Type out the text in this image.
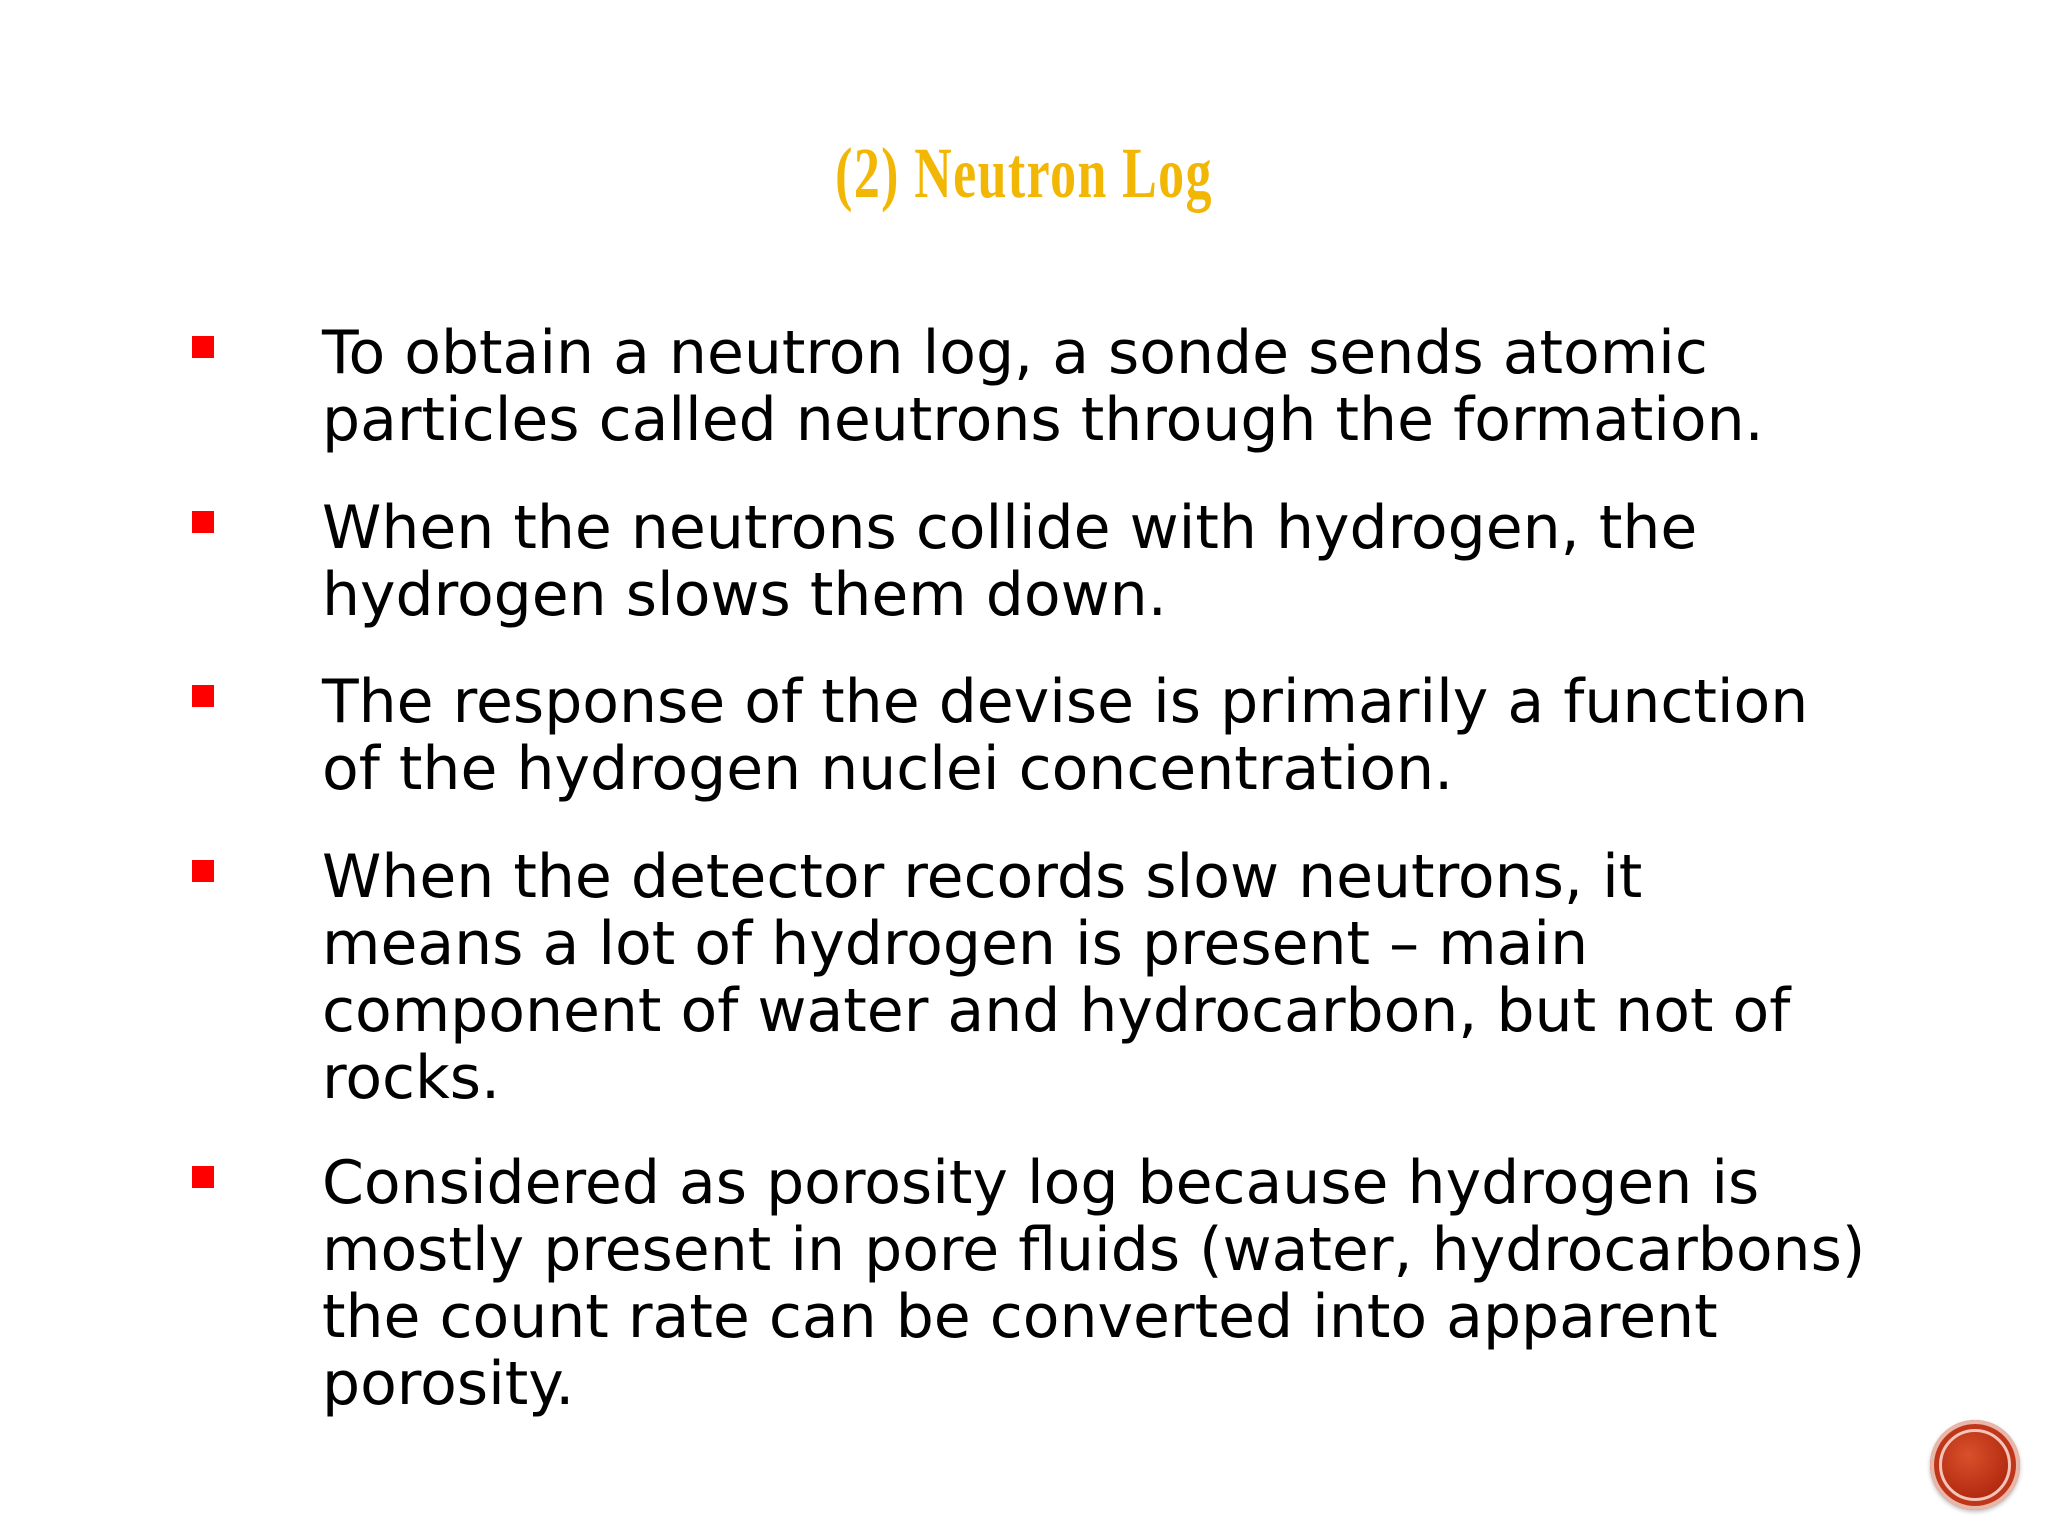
(2) Neutron Log

To obtain a neutron log, a sonde sends atomic
particles called neutrons through the formation.

When the neutrons collide with hydrogen, the
hydrogen slows them down.

The response of the devise is primarily a function
of the hydrogen nuclei concentration.

When the detector records slow neutrons, it
means a lot of hydrogen is present – main
component of water and hydrocarbon, but not of
rocks.

Considered as porosity log because hydrogen is
mostly present in pore fluids (water, hydrocarbons)
the count rate can be converted into apparent
porosity.
